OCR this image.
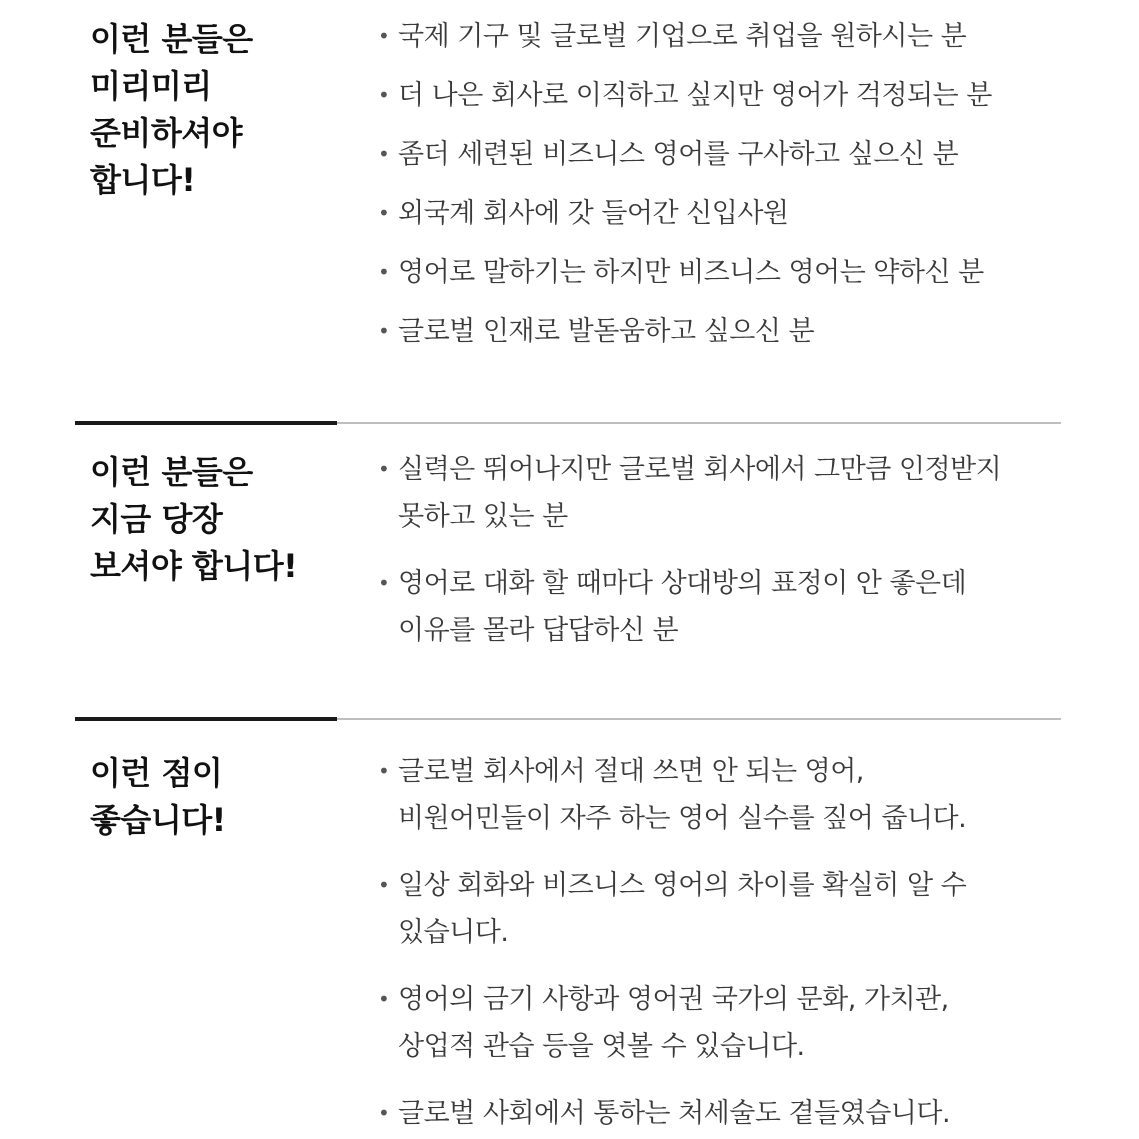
이런 분들은
미리미리
준비하셔야
합니다!
• 국제 기구 및 글로벌 기업으로 취업을 원하시는 분
• 더 나은 회사로 이직하고 싶지만 영어가 걱정되는 분
• 좀더 세련된 비즈니스 영어를 구사하고 싶으신 분
• 외국계 회사에 갓 들어간 신입사원
• 영어로 말하기는 하지만 비즈니스 영어는 약하신 분
• 글로벌 인재로 발돋움하고 싶으신 분
이런 분들은
지금 당장
보셔야 합니다!
• 실력은 뛰어나지만 글로벌 회사에서 그만큼 인정받지
못하고 있는 분
• 영어로 대화 할 때마다 상대방의 표정이 안 좋은데
이유를 몰라 답답하신 분
이런 점이
좋습니다!
• 글로벌 회사에서 절대 쓰면 안 되는 영어,
비원어민들이 자주 하는 영어 실수를 짚어 줍니다.
• 일상 회화와 비즈니스 영어의 차이를 확실히 알 수
있습니다.
• 영어의 금기 사항과 영어권 국가의 문화, 가치관,
상업적 관습 등을 엿볼 수 있습니다.
• 글로벌 사회에서 통하는 처세술도 곁들였습니다.
